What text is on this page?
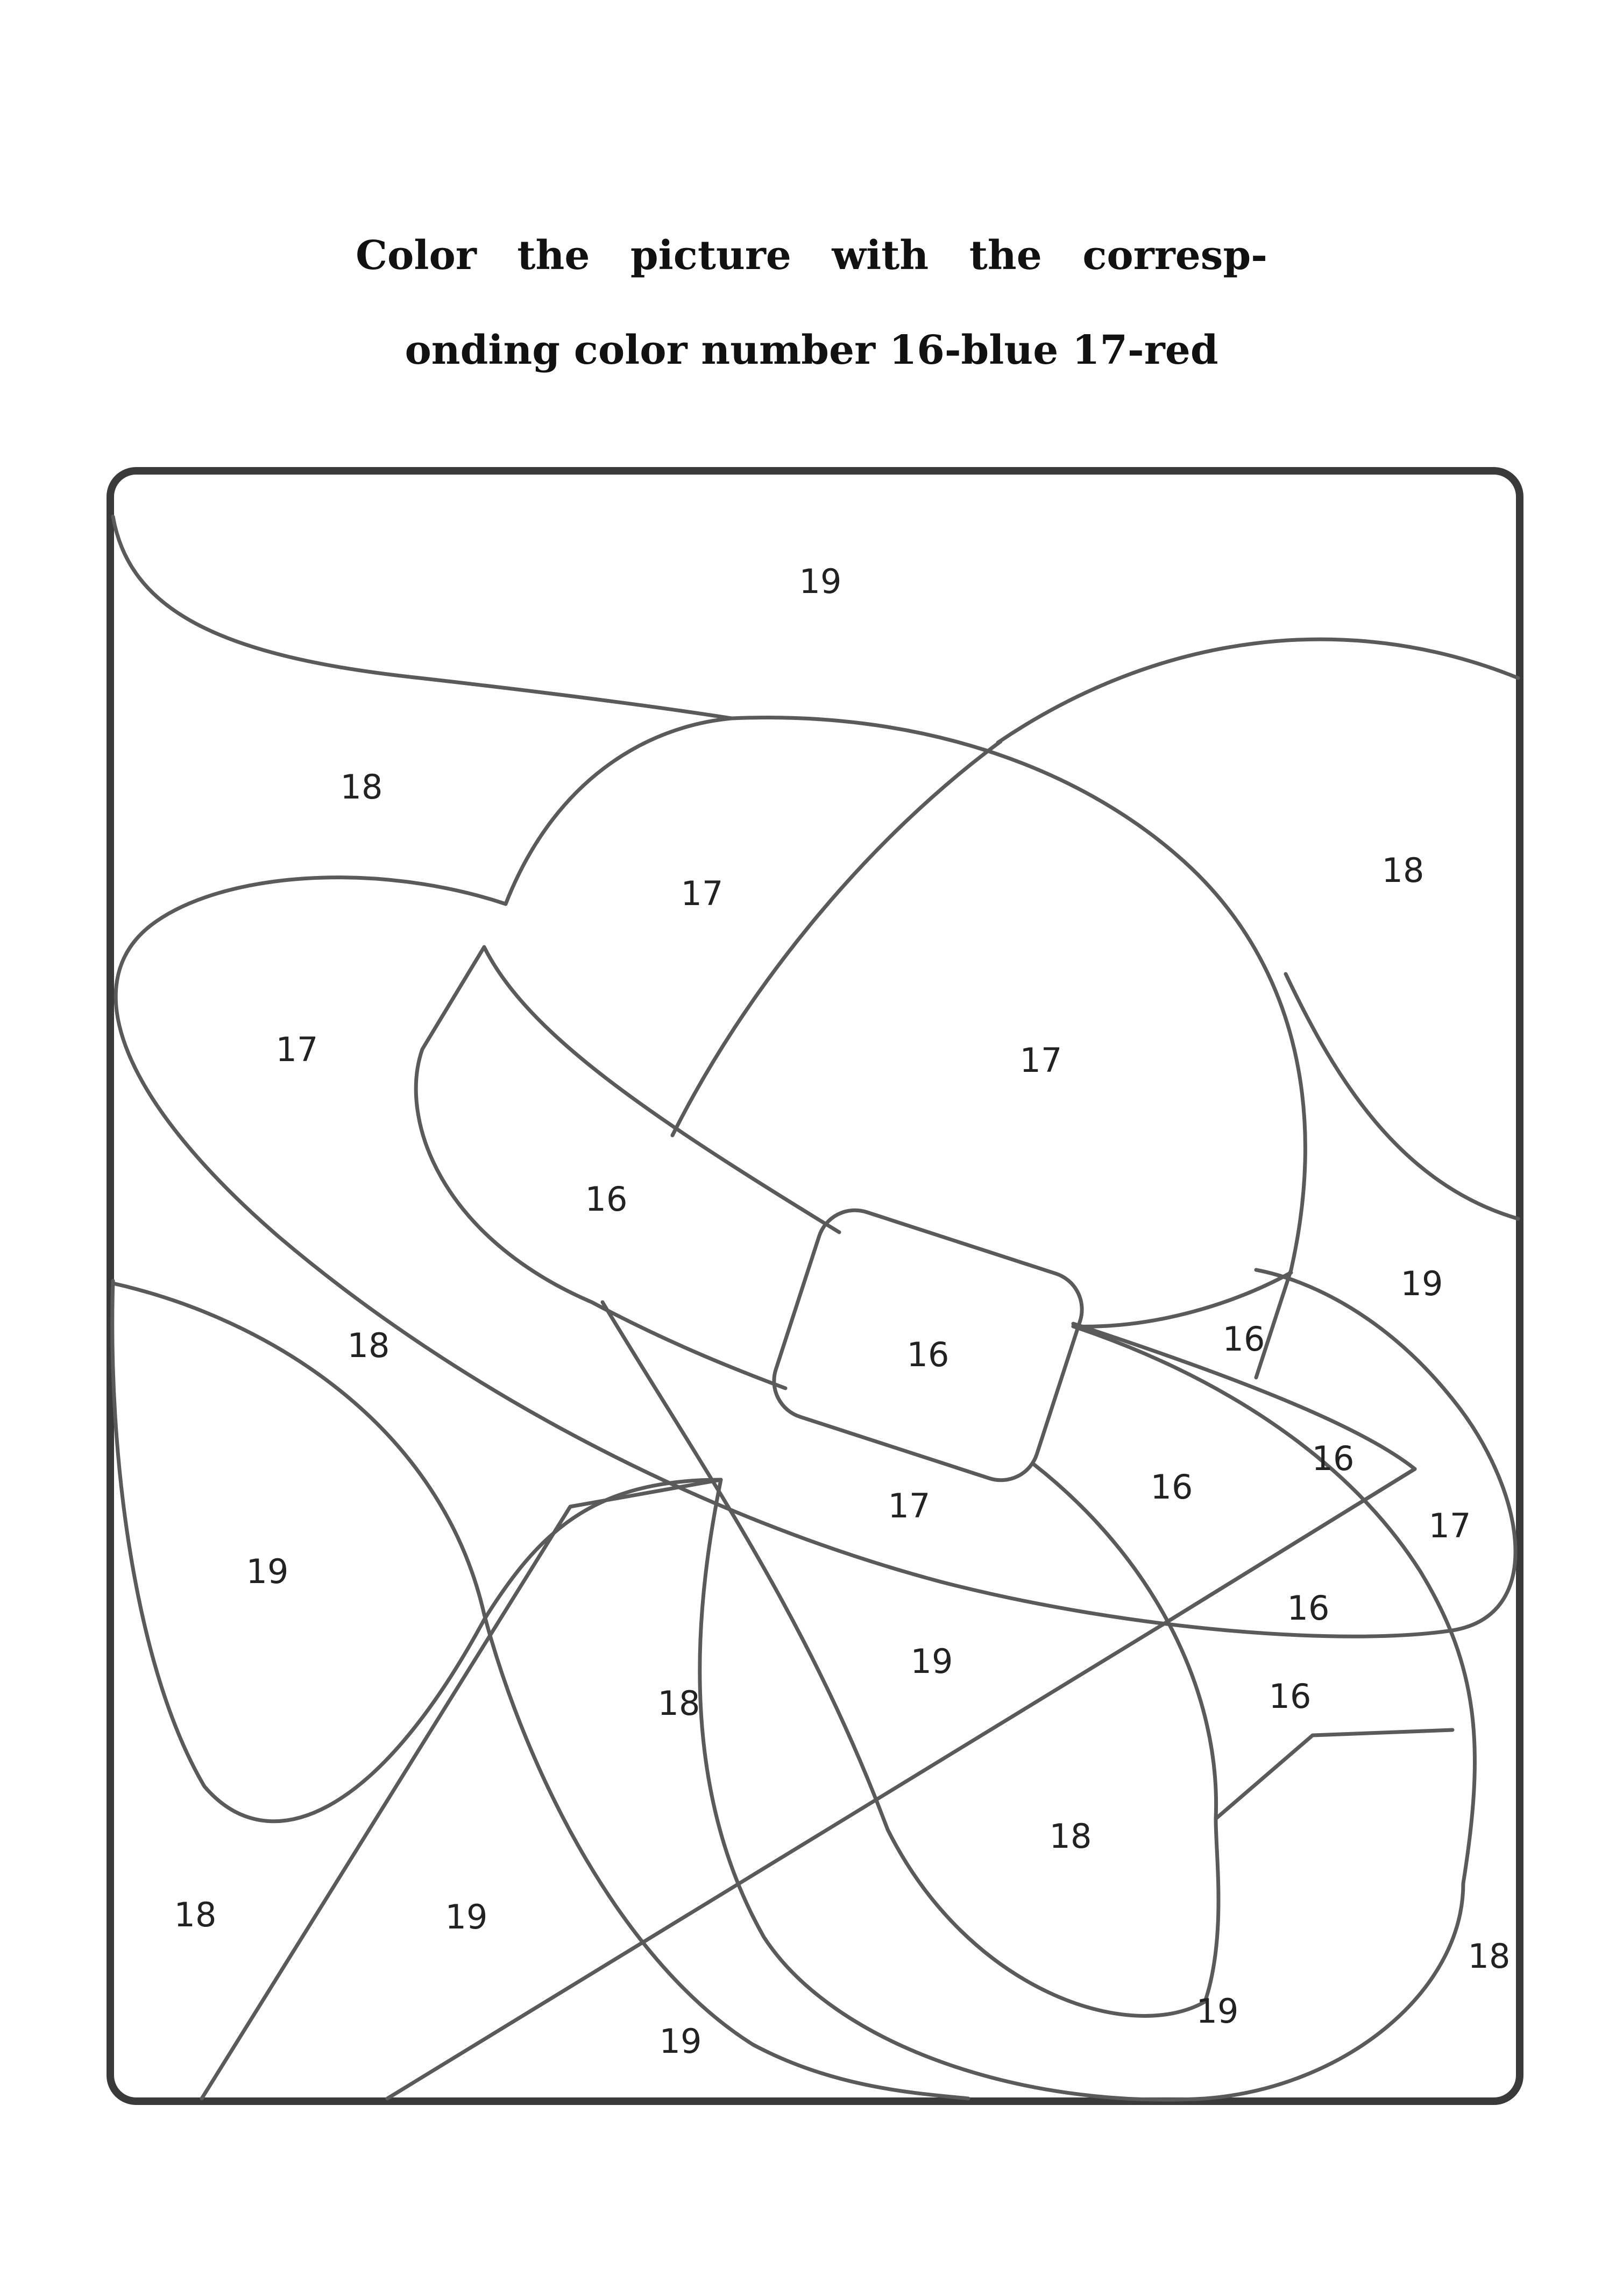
Color  the  picture  with  the  corresp-
onding color number 16-blue 17-red
19
18
17
18
17	17
16
19
16	16
18
16
16
17
17
16
19
16
19
18
18
18	19
18
19
19
